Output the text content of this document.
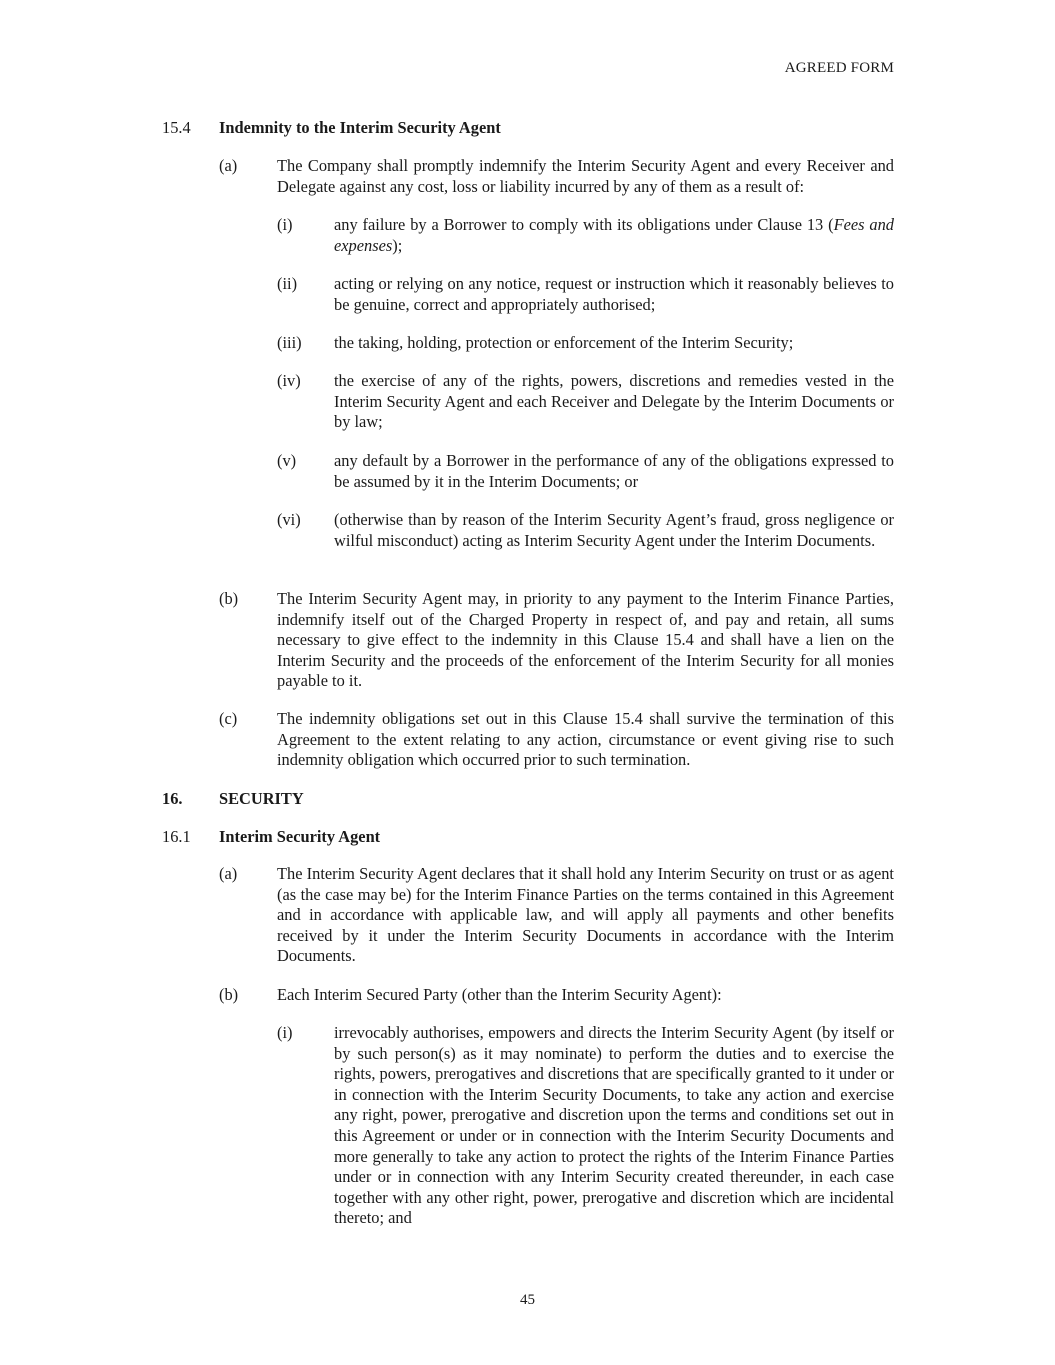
AGREED FORM
15.4 Indemnity to the Interim Security Agent
(a) The Company shall promptly indemnify the Interim Security Agent and every Receiver and Delegate against any cost, loss or liability incurred by any of them as a result of:
(i)	any failure by a Borrower to comply with its obligations under Clause 13 (Fees and expenses);
(ii) acting or relying on any notice, request or instruction which it reasonably believes to be genuine, correct and appropriately authorised;
(iii) the taking, holding, protection or enforcement of the Interim Security;
(iv) the exercise of any of the rights, powers, discretions and remedies vested in the Interim Security Agent and each Receiver and Delegate by the Interim Documents or by law;
(v) any default by a Borrower in the performance of any of the obligations expressed to be assumed by it in the Interim Documents; or
(vi) (otherwise than by reason of the Interim Security Agent’s fraud, gross negligence or wilful misconduct) acting as Interim Security Agent under the Interim Documents.
(b) The Interim Security Agent may, in priority to any payment to the Interim Finance Parties, indemnify itself out of the Charged Property in respect of, and pay and retain, all sums necessary to give effect to the indemnity in this Clause 15.4 and shall have a lien on the Interim Security and the proceeds of the enforcement of the Interim Security for all monies payable to it.
(c) The indemnity obligations set out in this Clause 15.4 shall survive the termination of this Agreement to the extent relating to any action, circumstance or event giving rise to such indemnity obligation which occurred prior to such termination.
16. SECURITY
16.1 Interim Security Agent
(a) The Interim Security Agent declares that it shall hold any Interim Security on trust or as agent (as the case may be) for the Interim Finance Parties on the terms contained in this Agreement and in accordance with applicable law, and will apply all payments and other benefits received by it under the Interim Security Documents in accordance with the Interim Documents.
(b) Each Interim Secured Party (other than the Interim Security Agent):
(i)	irrevocably authorises, empowers and directs the Interim Security Agent (by itself or by such person(s) as it may nominate) to perform the duties and to exercise the rights, powers, prerogatives and discretions that are specifically granted to it under or in connection with the Interim Security Documents, to take any action and exercise any right, power, prerogative and discretion upon the terms and conditions set out in this Agreement or under or in connection with the Interim Security Documents and more generally to take any action to protect the rights of the Interim Finance Parties under or in connection with any Interim Security created thereunder, in each case together with any other right, power, prerogative and discretion which are incidental thereto; and
45
